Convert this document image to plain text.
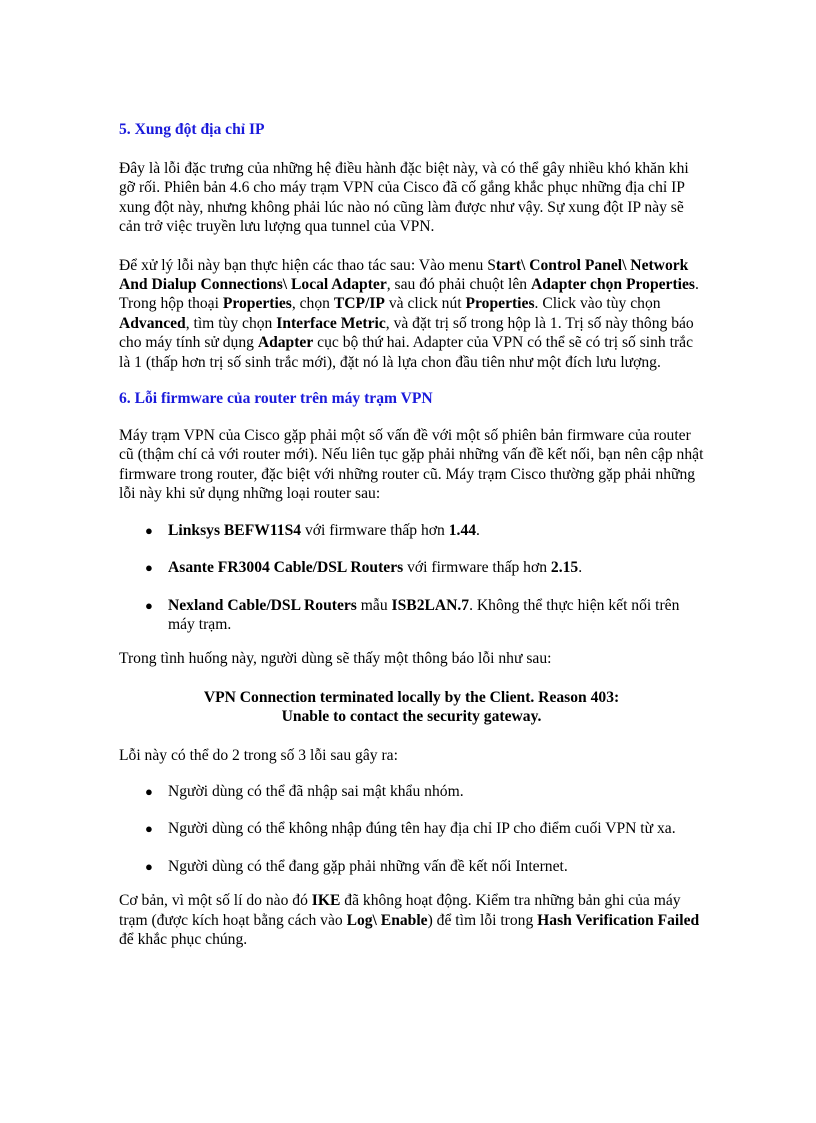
5. Xung đột địa chỉ IP

Đây là lỗi đặc trưng của những hệ điều hành đặc biệt này, và có thể gây nhiều khó khăn khi gỡ rối. Phiên bản 4.6 cho máy trạm VPN của Cisco đã cố gắng khắc phục những địa chỉ IP xung đột này, nhưng không phải lúc nào nó cũng làm được như vậy. Sự xung đột IP này sẽ cản trở việc truyền lưu lượng qua tunnel của VPN.

Để xử lý lỗi này bạn thực hiện các thao tác sau: Vào menu Start\ Control Panel\ Network And Dialup Connections\ Local Adapter, sau đó phải chuột lên Adapter chọn Properties. Trong hộp thoại Properties, chọn TCP/IP và click nút Properties. Click vào tùy chọn Advanced, tìm tùy chọn Interface Metric, và đặt trị số trong hộp là 1. Trị số này thông báo cho máy tính sử dụng Adapter cục bộ thứ hai. Adapter của VPN có thể sẽ có trị số sinh trắc là 1 (thấp hơn trị số sinh trắc mới), đặt nó là lựa chon đầu tiên như một đích lưu lượng.

6. Lỗi firmware của router trên máy trạm VPN

Máy trạm VPN của Cisco gặp phải một số vấn đề với một số phiên bản firmware của router cũ (thậm chí cả với router mới). Nếu liên tục gặp phải những vấn đề kết nối, bạn nên cập nhật firmware trong router, đặc biệt với những router cũ. Máy trạm Cisco thường gặp phải những lỗi này khi sử dụng những loại router sau:

● Linksys BEFW11S4 với firmware thấp hơn 1.44.
● Asante FR3004 Cable/DSL Routers với firmware thấp hơn 2.15.
● Nexland Cable/DSL Routers mẫu ISB2LAN.7. Không thể thực hiện kết nối trên máy trạm.

Trong tình huống này, người dùng sẽ thấy một thông báo lỗi như sau:

VPN Connection terminated locally by the Client. Reason 403:
Unable to contact the security gateway.

Lỗi này có thể do 2 trong số 3 lỗi sau gây ra:

● Người dùng có thể đã nhập sai mật khẩu nhóm.
● Người dùng có thể không nhập đúng tên hay địa chỉ IP cho điểm cuối VPN từ xa.
● Người dùng có thể đang gặp phải những vấn đề kết nối Internet.

Cơ bản, vì một số lí do nào đó IKE đã không hoạt động. Kiểm tra những bản ghi của máy trạm (được kích hoạt bằng cách vào Log\ Enable) để tìm lỗi trong Hash Verification Failed để khắc phục chúng.
